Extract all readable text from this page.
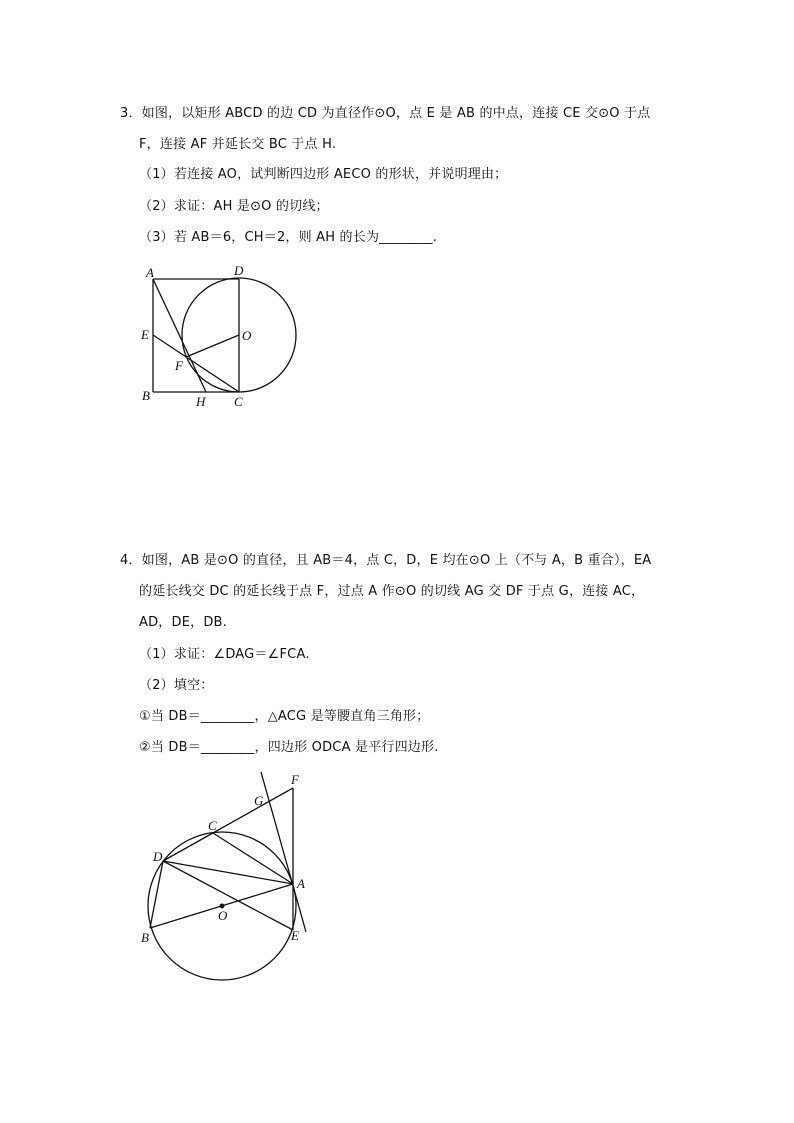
3．如图，以矩形 ABCD 的边 CD 为直径作⊙O，点 E 是 AB 的中点，连接 CE 交⊙O 于点
F，连接 AF 并延长交 BC 于点 H.
（1）若连接 AO，试判断四边形 AECO 的形状，并说明理由；
（2）求证：AH 是⊙O 的切线；
（3）若 AB＝6，CH＝2，则 AH 的长为________.
A	D
E	O
F
B	H C
4．如图，AB 是⊙O 的直径，且 AB＝4，点 C，D，E 均在⊙O 上（不与 A，B 重合），EA
的延长线交 DC 的延长线于点 F，过点 A 作⊙O 的切线 AG 交 DF 于点 G，连接 AC，
AD，DE，DB.
（1）求证：∠DAG＝∠FCA.
（2）填空：
①当 DB＝________，△ACG 是等腰直角三角形；
②当 DB＝________，四边形 ODCA 是平行四边形.
F
G
C
D
A
O
B	E
